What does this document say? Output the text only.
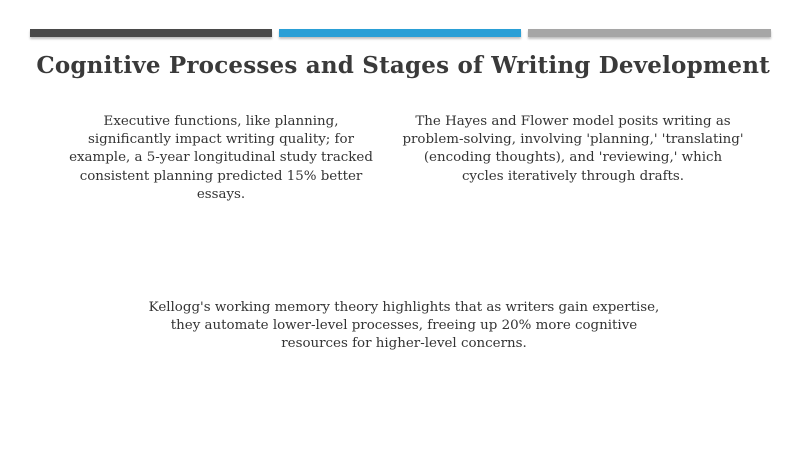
Cognitive Processes and Stages of Writing Development

Executive functions, like planning, significantly impact writing quality; for example, a 5-year longitudinal study tracked consistent planning predicted 15% better essays.

The Hayes and Flower model posits writing as problem-solving, involving 'planning,' 'translating' (encoding thoughts), and 'reviewing,' which cycles iteratively through drafts.

Kellogg's working memory theory highlights that as writers gain expertise, they automate lower-level processes, freeing up 20% more cognitive resources for higher-level concerns.
